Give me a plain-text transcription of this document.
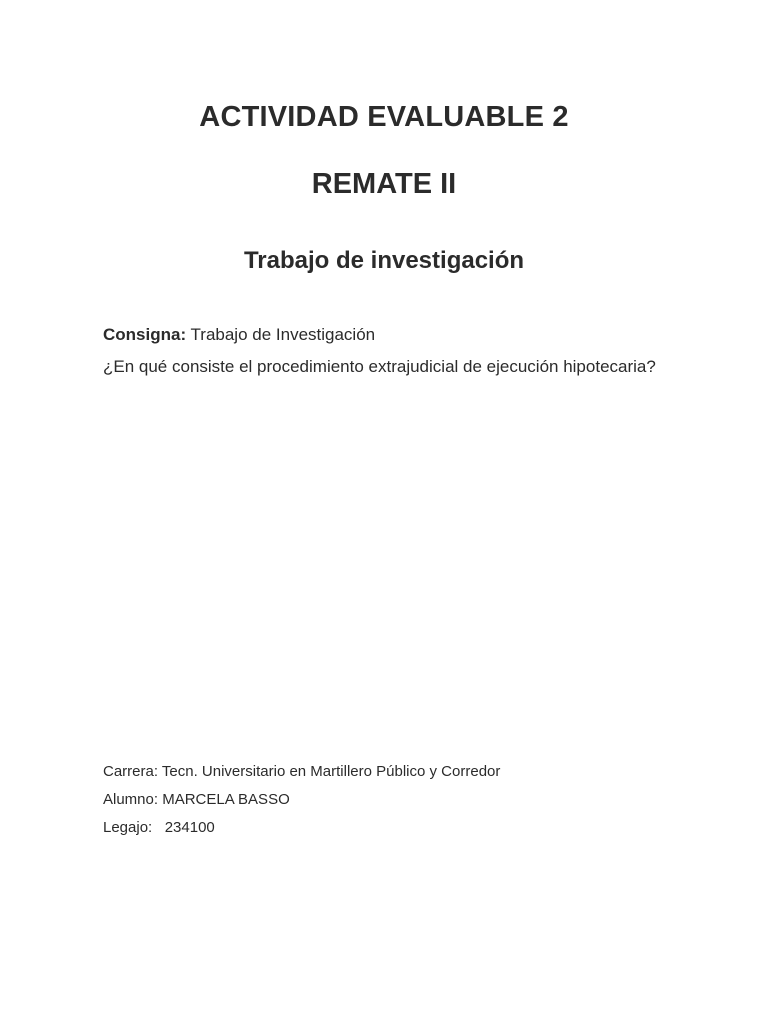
ACTIVIDAD EVALUABLE 2
REMATE II
Trabajo de investigación

Consigna: Trabajo de Investigación

¿En qué consiste el procedimiento extrajudicial de ejecución hipotecaria?

Carrera: Tecn. Universitario en Martillero Público y Corredor

Alumno: MARCELA BASSO

Legajo:   234100
